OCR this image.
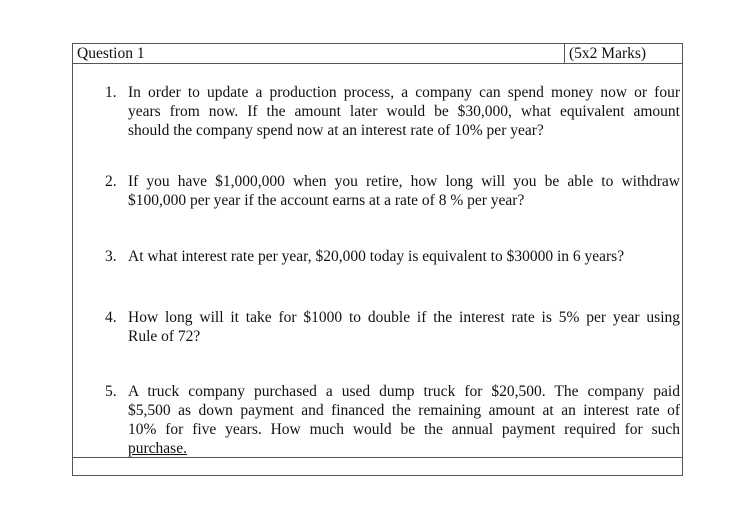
Question 1	(5x2 Marks)
1. In order to update a production process, a company can spend money now or four
years from now. If the amount later would be $30,000, what equivalent amount
should the company spend now at an interest rate of 10% per year?
2. If you have $1,000,000 when you retire, how long will you be able to withdraw
$100,000 per year if the account earns at a rate of 8 % per year?
3. At what interest rate per year, $20,000 today is equivalent to $30000 in 6 years?
4. How long will it take for $1000 to double if the interest rate is 5% per year using
Rule of 72?
5. A truck company purchased a used dump truck for $20,500. The company paid
$5,500 as down payment and financed the remaining amount at an interest rate of
10% for five years. How much would be the annual payment required for such
purchase.
